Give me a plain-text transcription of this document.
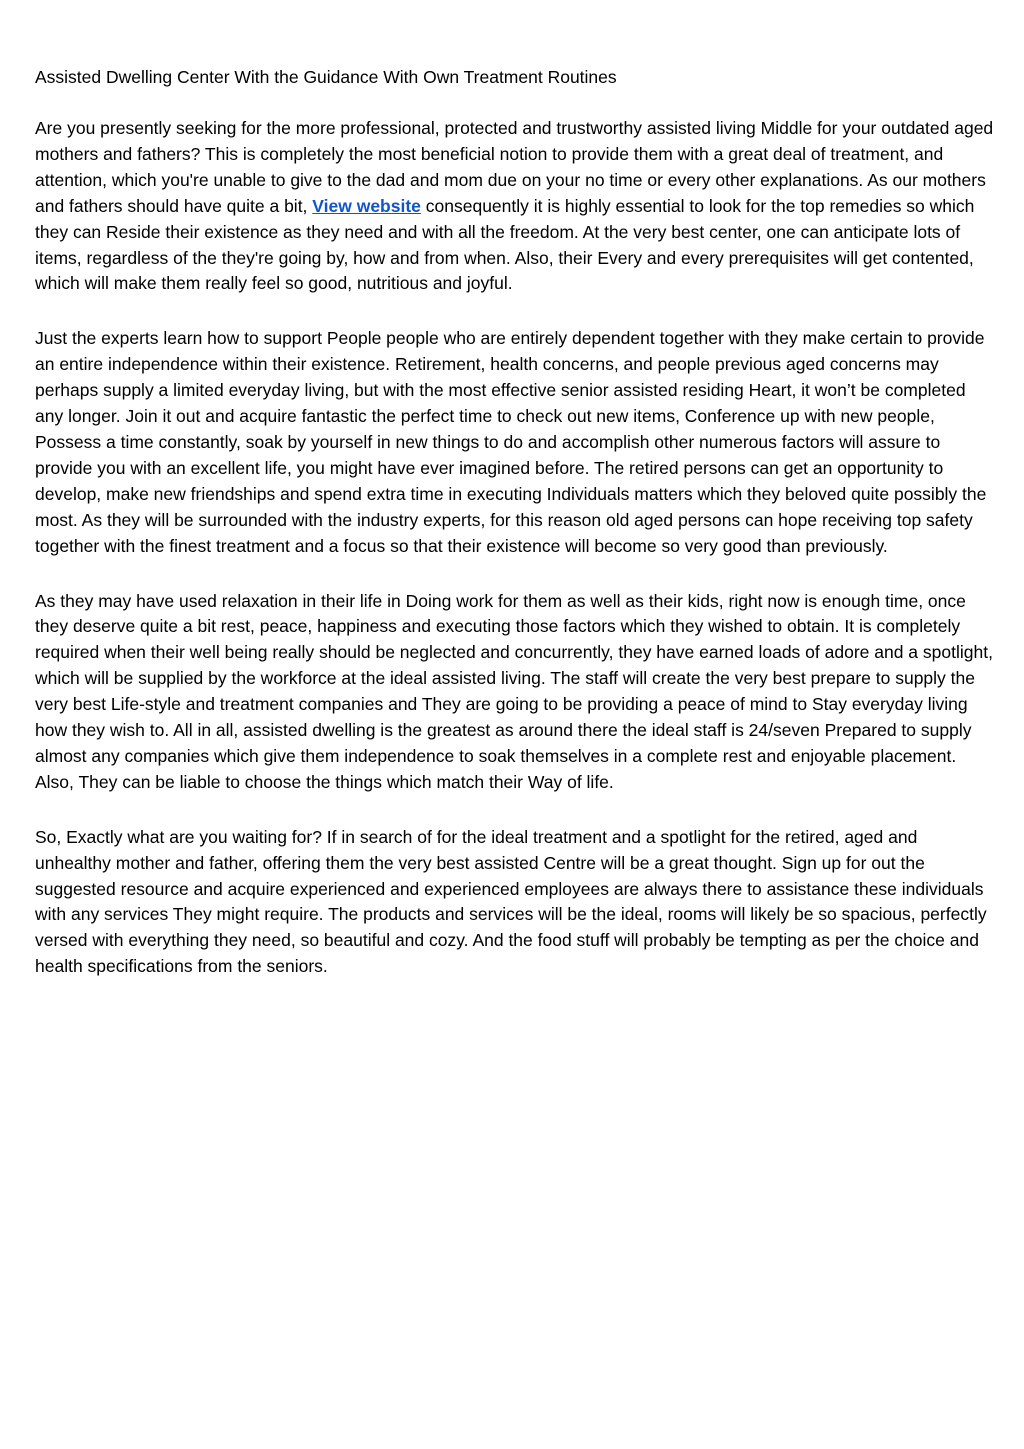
Assisted Dwelling Center With the Guidance With Own Treatment Routines

Are you presently seeking for the more professional, protected and trustworthy assisted living Middle for your outdated aged mothers and fathers? This is completely the most beneficial notion to provide them with a great deal of treatment, and attention, which you're unable to give to the dad and mom due on your no time or every other explanations. As our mothers and fathers should have quite a bit, View website consequently it is highly essential to look for the top remedies so which they can Reside their existence as they need and with all the freedom. At the very best center, one can anticipate lots of items, regardless of the they're going by, how and from when. Also, their Every and every prerequisites will get contented, which will make them really feel so good, nutritious and joyful.

Just the experts learn how to support People people who are entirely dependent together with they make certain to provide an entire independence within their existence. Retirement, health concerns, and people previous aged concerns may perhaps supply a limited everyday living, but with the most effective senior assisted residing Heart, it won’t be completed any longer. Join it out and acquire fantastic the perfect time to check out new items, Conference up with new people, Possess a time constantly, soak by yourself in new things to do and accomplish other numerous factors will assure to provide you with an excellent life, you might have ever imagined before. The retired persons can get an opportunity to develop, make new friendships and spend extra time in executing Individuals matters which they beloved quite possibly the most. As they will be surrounded with the industry experts, for this reason old aged persons can hope receiving top safety together with the finest treatment and a focus so that their existence will become so very good than previously.

As they may have used relaxation in their life in Doing work for them as well as their kids, right now is enough time, once they deserve quite a bit rest, peace, happiness and executing those factors which they wished to obtain. It is completely required when their well being really should be neglected and concurrently, they have earned loads of adore and a spotlight, which will be supplied by the workforce at the ideal assisted living. The staff will create the very best prepare to supply the very best Life-style and treatment companies and They are going to be providing a peace of mind to Stay everyday living how they wish to. All in all, assisted dwelling is the greatest as around there the ideal staff is 24/seven Prepared to supply almost any companies which give them independence to soak themselves in a complete rest and enjoyable placement. Also, They can be liable to choose the things which match their Way of life.

So, Exactly what are you waiting for? If in search of for the ideal treatment and a spotlight for the retired, aged and unhealthy mother and father, offering them the very best assisted Centre will be a great thought. Sign up for out the suggested resource and acquire experienced and experienced employees are always there to assistance these individuals with any services They might require. The products and services will be the ideal, rooms will likely be so spacious, perfectly versed with everything they need, so beautiful and cozy. And the food stuff will probably be tempting as per the choice and health specifications from the seniors.
